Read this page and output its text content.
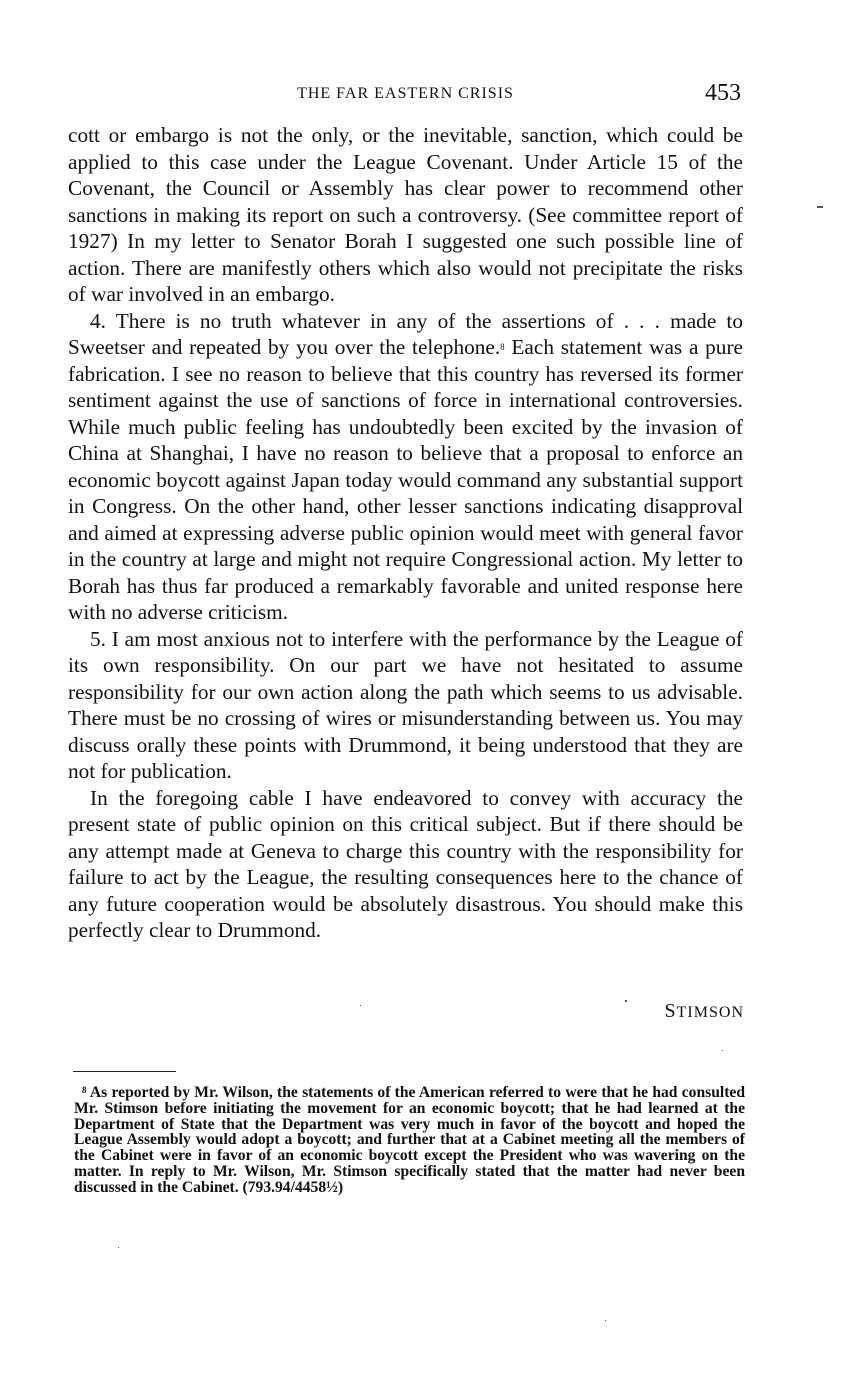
THE FAR EASTERN CRISIS	453

cott or embargo is not the only, or the inevitable, sanction, which could be applied to this case under the League Covenant. Under Article 15 of the Covenant, the Council or Assembly has clear power to recommend other sanctions in making its report on such a controversy. (See committee report of 1927) In my letter to Senator Borah I suggested one such possible line of action. There are manifestly others which also would not precipitate the risks of war involved in an embargo.

4. There is no truth whatever in any of the assertions of . . . made to Sweetser and repeated by you over the telephone.$^8$ Each statement was a pure fabrication. I see no reason to believe that this country has reversed its former sentiment against the use of sanctions of force in international controversies. While much public feeling has undoubtedly been excited by the invasion of China at Shanghai, I have no reason to believe that a proposal to enforce an economic boycott against Japan today would command any substantial support in Congress. On the other hand, other lesser sanctions indicating disapproval and aimed at expressing adverse public opinion would meet with general favor in the country at large and might not require Congressional action. My letter to Borah has thus far produced a remarkably favorable and united response here with no adverse criticism.

5. I am most anxious not to interfere with the performance by the League of its own responsibility. On our part we have not hesitated to assume responsibility for our own action along the path which seems to us advisable. There must be no crossing of wires or misunderstanding between us. You may discuss orally these points with Drummond, it being understood that they are not for publication.

In the foregoing cable I have endeavored to convey with accuracy the present state of public opinion on this critical subject. But if there should be any attempt made at Geneva to charge this country with the responsibility for failure to act by the League, the resulting consequences here to the chance of any future cooperation would be absolutely disastrous. You should make this perfectly clear to Drummond.

STIMSON
$^8$ As reported by Mr. Wilson, the statements of the American referred to were that he had consulted Mr. Stimson before initiating the movement for an economic boycott; that he had learned at the Department of State that the Department was very much in favor of the boycott and hoped the League Assembly would adopt a boycott; and further that at a Cabinet meeting all the members of the Cabinet were in favor of an economic boycott except the President who was wavering on the matter. In reply to Mr. Wilson, Mr. Stimson specifically stated that the matter had never been discussed in the Cabinet. (793.94/4458½)
